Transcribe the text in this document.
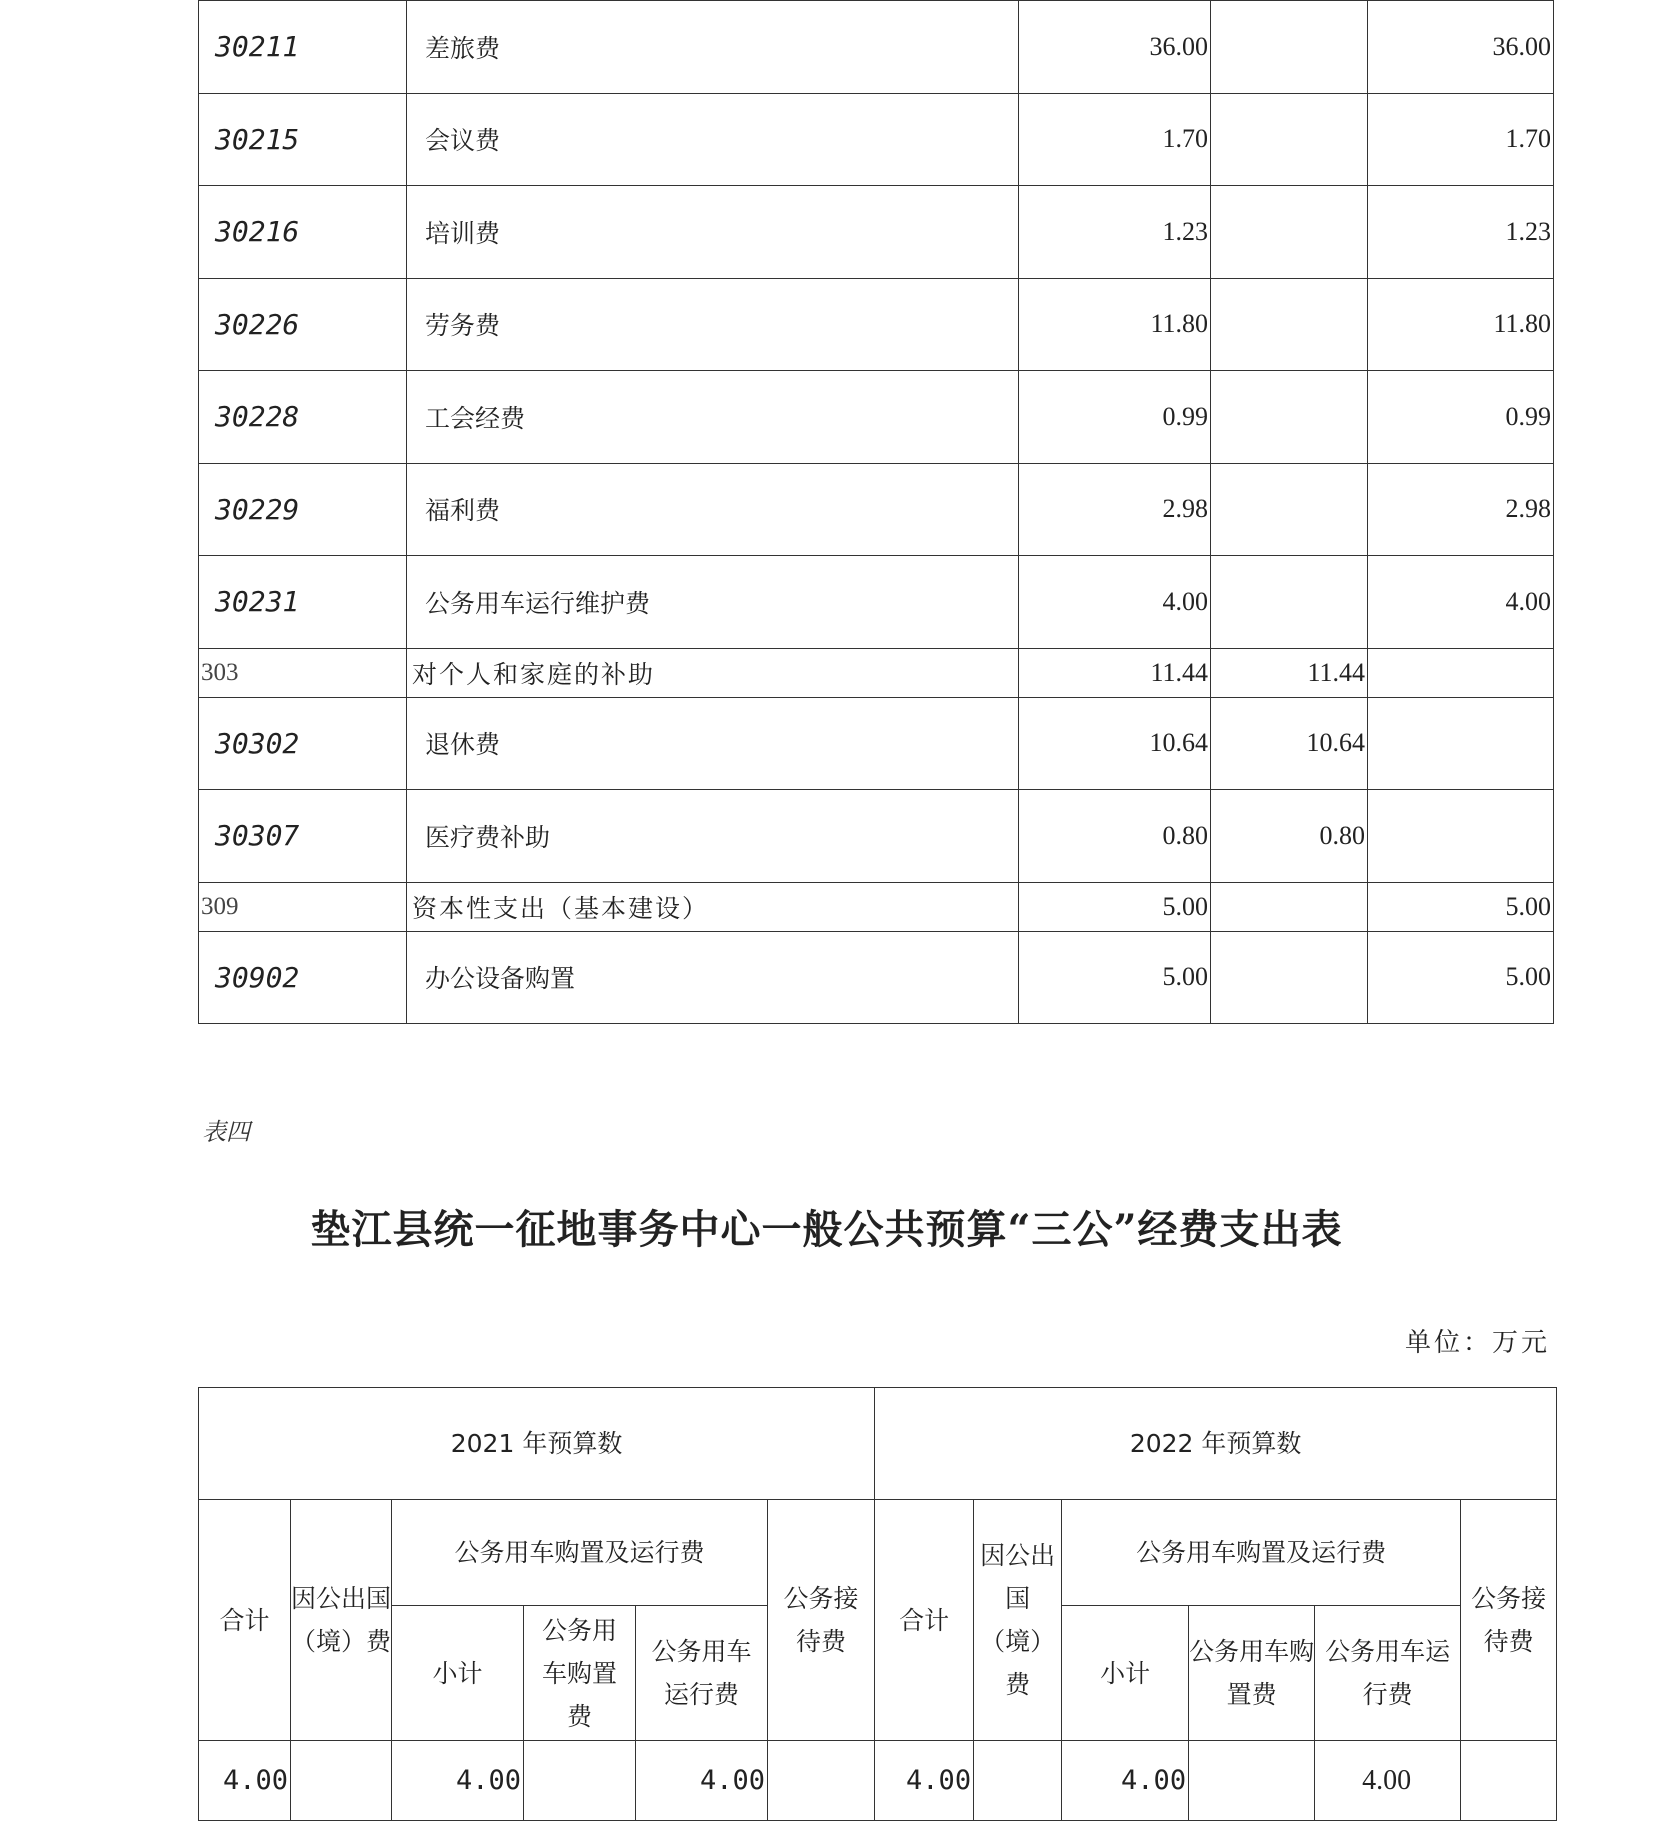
30211	差旅费	36.00		36.00
30215	会议费	1.70		1.70
30216	培训费	1.23		1.23
30226	劳务费	11.80		11.80
30228	工会经费	0.99		0.99
30229	福利费	2.98		2.98
30231	公务用车运行维护费	4.00		4.00
303	对个人和家庭的补助	11.44	11.44	
30302	退休费	10.64	10.64	
30307	医疗费补助	0.80	0.80	
309	资本性支出（基本建设）	5.00		5.00
30902	办公设备购置	5.00		5.00
表四
垫江县统一征地事务中心一般公共预算“三公”经费支出表
单位：万元
2021 年预算数						2022 年预算数					
合计	因公出国（境）费	公务用车购置及运行费			公务接待费	合计	因公出国（境）费	公务用车购置及运行费			公务接待费
		小计	公务用车购置费	公务用车运行费				小计	公务用车购置费	公务用车运行费	
4.00		4.00		4.00		4.00		4.00		4.00	
